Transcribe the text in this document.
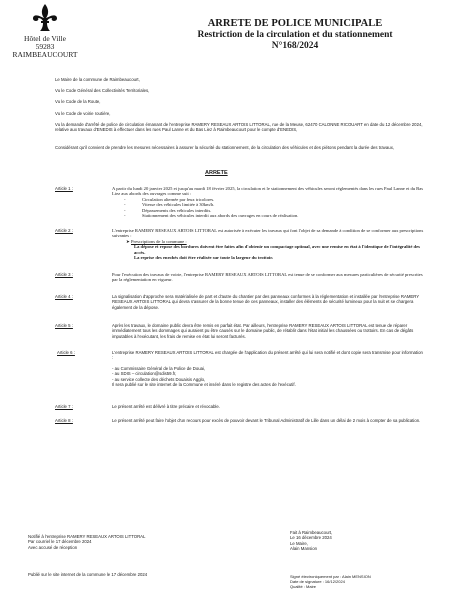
Hôtel de Ville
59283 RAIMBEAUCOURT
ARRETE DE POLICE MUNICIPALE
Restriction de la circulation et du stationnement
N°168/2024
Le Maire de la commune de Raimbeaucourt,
Vu le Code Général des Collectivités Territoriales,
Vu le Code de la Route,
Vu le Code de voirie routière,
Vu la demande d'arrêté de police de circulation émanant de l'entreprise RAMERY RESEAUX ARTOIS LITTORAL, rue de la Meuse, 62470 CALONNE RICOUART en date du 12 décembre 2024, relative aux travaux d'ENEDIS à effectuer dans les rues Paul Lanne et du Bas Liez à Raimbeaucourt pour le compte d'ENEDIS,
Considérant qu'il convient de prendre les mesures nécessaires à assurer la sécurité du stationnement, de la circulation des véhicules et des piétons pendant la durée des travaux,
ARRETE
Article 1 :	A partir du lundi 20 janvier 2025 et jusqu'au mardi 18 février 2025, la circulation et le stationnement des véhicules seront réglementés dans les rues Paul Lanne et du Bas Liez aux abords des ouvrages comme suit :
- Circulation alternée par feux tricolores.
- Vitesse des véhicules limitée à 30km/h.
- Dépassements des véhicules interdits.
- Stationnement des véhicules interdit aux abords des ouvrages en cours de réalisation.
Article 2 :	L'entreprise RAMERY RESEAUX ARTOIS LITTORAL est autorisée à exécuter les travaux qui font l'objet de sa demande à condition de se conformer aux prescriptions suivantes :
➤ Prescriptions de la commune :
La dépose et repose des bordures doivent être faites afin d'obtenir un compactage optimal, avec une remise en état à l'identique de l'intégralité des accès.
La reprise des enrobés doit être réalisée sur toute la largeur du trottoir.
Article 3 :	Pour l'exécution des travaux de voirie, l'entreprise RAMERY RESEAUX ARTOIS LITTORAL est tenue de se conformer aux mesures particulières de sécurité prescrites par la réglementation en vigueur.
Article 4 :	La signalisation d'approche sera matérialisée de part et d'autre du chantier par des panneaux conformes à la réglementation et installée par l'entreprise RAMERY RESEAUX ARTOIS LITTORAL qui devra s'assurer de la bonne tenue de ces panneaux, installer des éléments de sécurité lumineux pour la nuit et se chargera également de la dépose.
Article 5 :	Après les travaux, le domaine public devra être remis en parfait état. Par ailleurs, l'entreprise RAMERY RESEAUX ARTOIS LITTORAL est tenue de réparer immédiatement tous les dommages qui auraient pu être causés sur le domaine public, de rétablir dans l'état initial les chaussées ou trottoirs. En cas de dégâts imputables à l'exécutant, les frais de remise en état lui seront facturés.
Article 6 :	L'entreprise RAMERY RESEAUX ARTOIS LITTORAL est chargée de l'application du présent arrêté qui lui sera notifié et dont copie sera transmise pour information :
- au Commissaire Général de la Police de Douai,
- au SDIS – circulation@sdis59.fr,
- au service collecte des déchets Douaisis Agglo,
Il sera publié sur le site internet de la Commune et inséré dans le registre des actes de l'exécutif.
Article 7 :	Le présent arrêté est délivré à titre précaire et révocable.
Article 8 :	Le présent arrêté peut faire l'objet d'un recours pour excès de pouvoir devant le Tribunal Administratif de Lille dans un délai de 2 mois à compter de sa publication.
Notifié à l'entreprise RAMERY RESEAUX ARTOIS LITTORAL
Par courriel le 17 décembre 2024
Avec accusé de réception
Fait à Raimbeaucourt,
Le 16 décembre 2024
Le Maire,
Alain Mansion
Publié sur le site internet de la commune le 17 décembre 2024	Signé électroniquement par : Alain MENSION
Date de signature : 16/12/2024
Qualité : Maire
